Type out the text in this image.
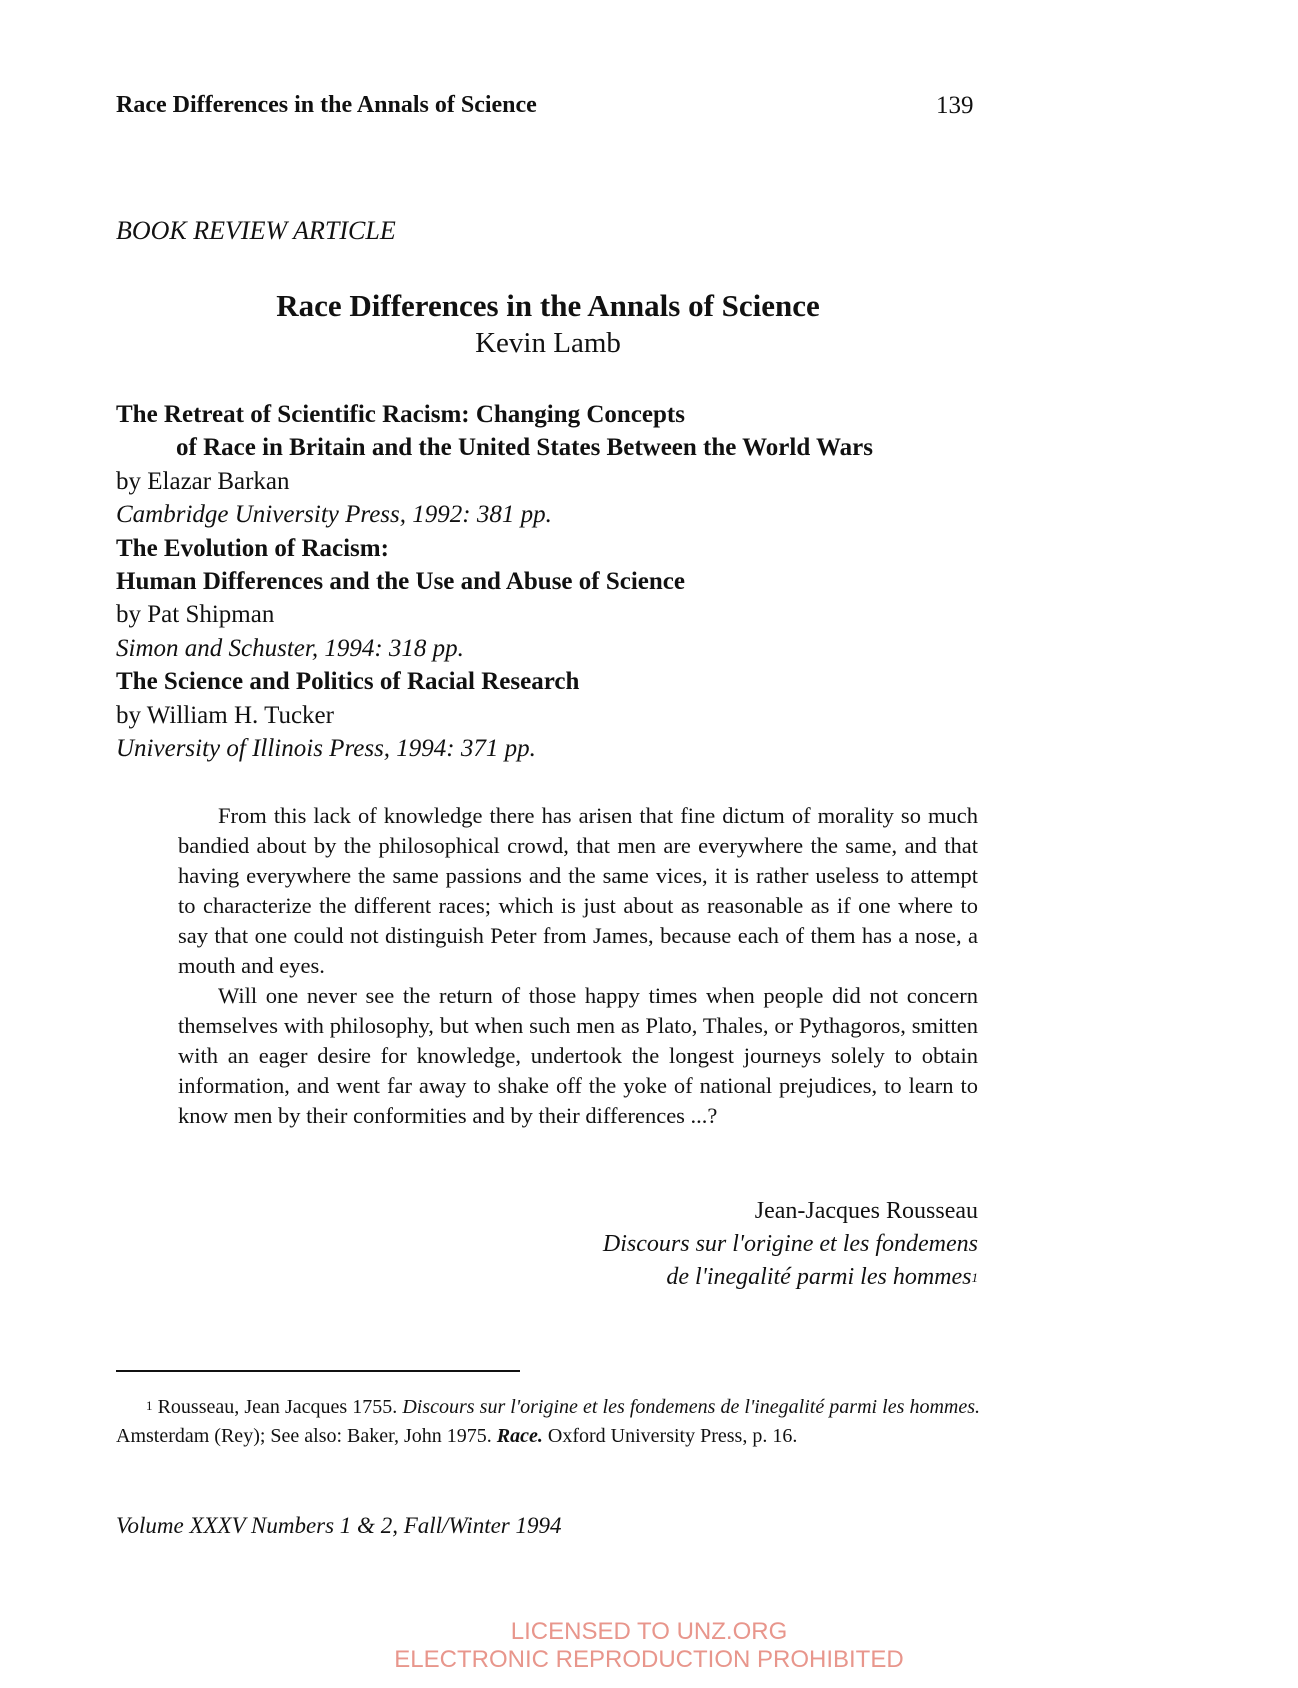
Race Differences in the Annals of Science	139
BOOK REVIEW ARTICLE
Race Differences in the Annals of Science
Kevin Lamb
The Retreat of Scientific Racism: Changing Concepts
of Race in Britain and the United States Between the World Wars
by Elazar Barkan
Cambridge University Press, 1992: 381 pp.
The Evolution of Racism:
Human Differences and the Use and Abuse of Science
by Pat Shipman
Simon and Schuster, 1994: 318 pp.
The Science and Politics of Racial Research
by William H. Tucker
University of Illinois Press, 1994: 371 pp.

From this lack of knowledge there has arisen that fine dictum of morality so much bandied about by the philosophical crowd, that men are everywhere the same, and that having everywhere the same passions and the same vices, it is rather useless to attempt to characterize the different races; which is just about as reasonable as if one where to say that one could not distinguish Peter from James, because each of them has a nose, a mouth and eyes.

Will one never see the return of those happy times when people did not concern themselves with philosophy, but when such men as Plato, Thales, or Pythagoros, smitten with an eager desire for knowledge, undertook the longest journeys solely to obtain information, and went far away to shake off the yoke of national prejudices, to learn to know men by their conformities and by their differences ...?

Jean-Jacques Rousseau
Discours sur l'origine et les fondemens
de l'inegalité parmi les hommes$^1$
$^1$ Rousseau, Jean Jacques 1755. Discours sur l'origine et les fondemens de l'inegalité parmi les hommes. Amsterdam (Rey); See also: Baker, John 1975. Race. Oxford University Press, p. 16.
Volume XXXV Numbers 1 & 2, Fall/Winter 1994
LICENSED TO UNZ.ORG
ELECTRONIC REPRODUCTION PROHIBITED
